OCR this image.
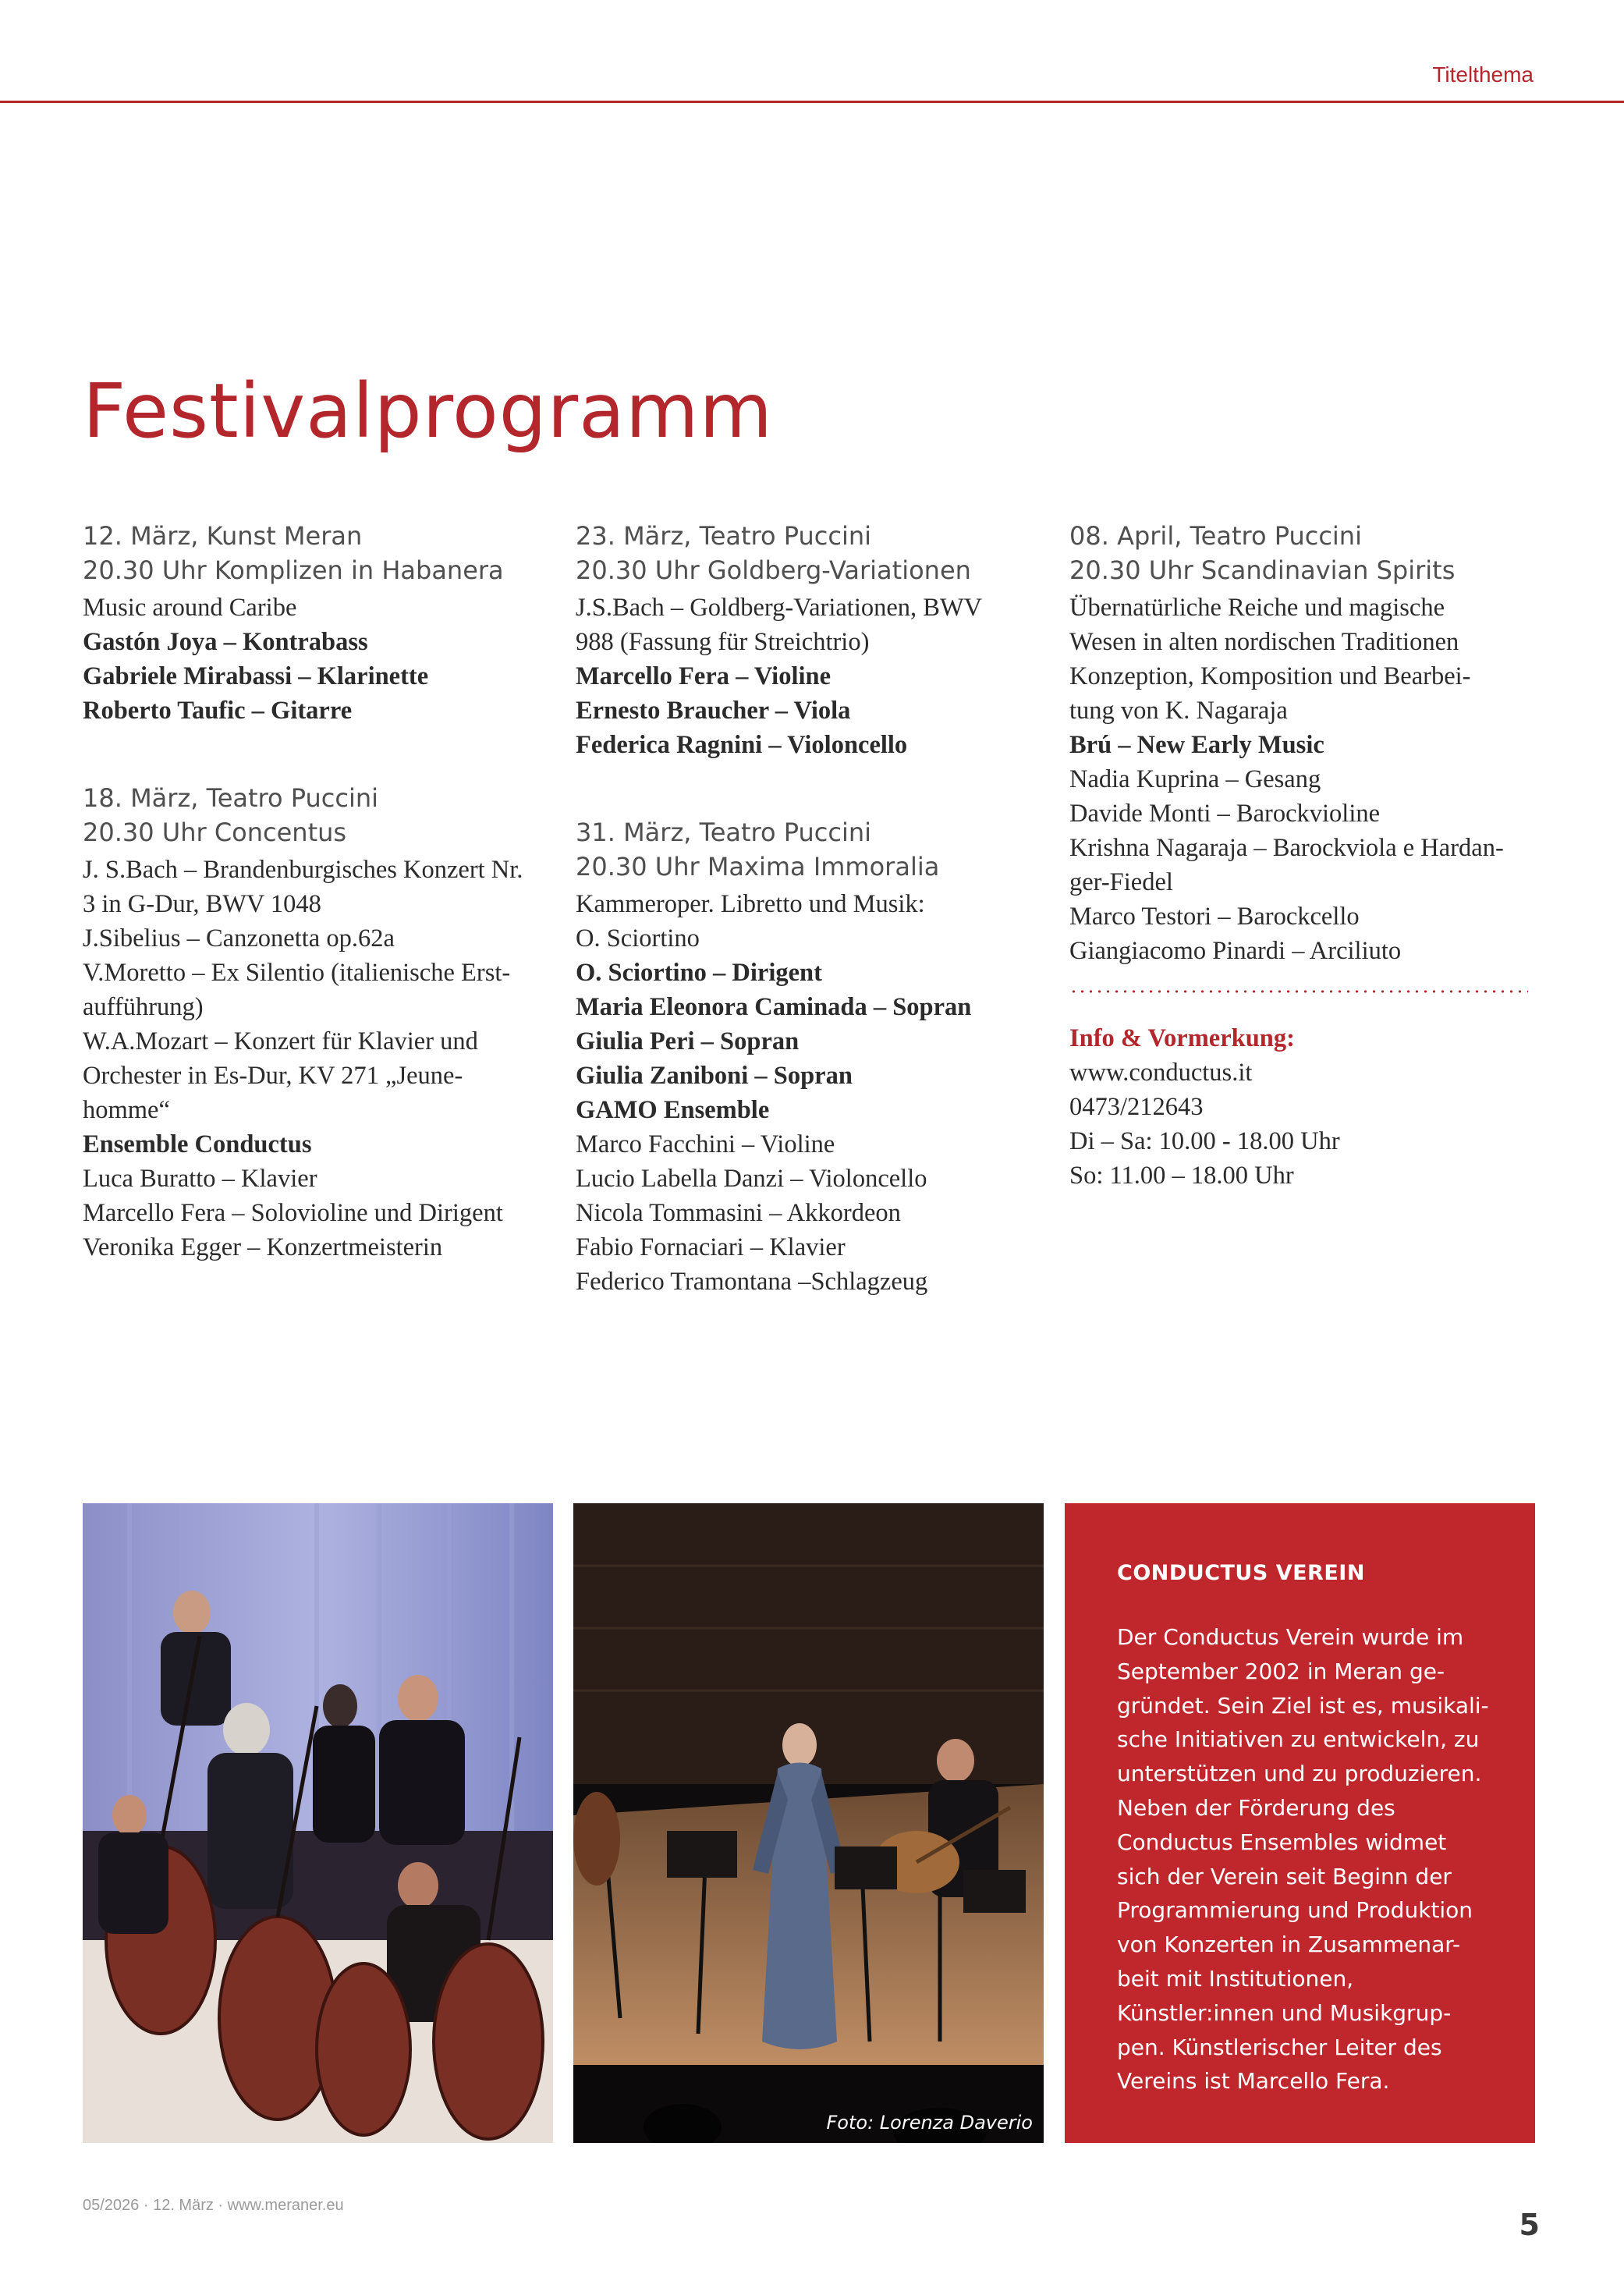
Titelthema
Festivalprogramm
12. März, Kunst Meran
20.30 Uhr Komplizen in Habanera
Music around Caribe
Gastón Joya – Kontrabass
Gabriele Mirabassi – Klarinette
Roberto Taufic – Gitarre
18. März, Teatro Puccini
20.30 Uhr Concentus
J. S.Bach – Brandenburgisches Konzert Nr.
3 in G-Dur, BWV 1048
J.Sibelius – Canzonetta op.62a
V.Moretto – Ex Silentio (italienische Erst-
aufführung)
W.A.Mozart – Konzert für Klavier und
Orchester in Es-Dur, KV 271 „Jeune-
homme“
Ensemble Conductus
Luca Buratto – Klavier
Marcello Fera – Solovioline und Dirigent
Veronika Egger – Konzertmeisterin
23. März, Teatro Puccini
20.30 Uhr Goldberg-Variationen
J.S.Bach – Goldberg-Variationen, BWV
988 (Fassung für Streichtrio)
Marcello Fera – Violine
Ernesto Braucher – Viola
Federica Ragnini – Violoncello
31. März, Teatro Puccini
20.30 Uhr Maxima Immoralia
Kammeroper. Libretto und Musik:
O. Sciortino
O. Sciortino – Dirigent
Maria Eleonora Caminada – Sopran
Giulia Peri – Sopran
Giulia Zaniboni – Sopran
GAMO Ensemble
Marco Facchini – Violine
Lucio Labella Danzi – Violoncello
Nicola Tommasini – Akkordeon
Fabio Fornaciari – Klavier
Federico Tramontana –Schlagzeug
08. April, Teatro Puccini
20.30 Uhr Scandinavian Spirits
Übernatürliche Reiche und magische
Wesen in alten nordischen Traditionen
Konzeption, Komposition und Bearbei-
tung von K. Nagaraja
Brú – New Early Music
Nadia Kuprina – Gesang
Davide Monti – Barockvioline
Krishna Nagaraja – Barockviola e Hardan-
ger-Fiedel
Marco Testori – Barockcello
Giangiacomo Pinardi – Arciliuto
Info & Vormerkung:
www.conductus.it
0473/212643
Di – Sa: 10.00 - 18.00 Uhr
So: 11.00 – 18.00 Uhr
Foto: Lorenza Daverio
CONDUCTUS VEREIN
Der Conductus Verein wurde im
September 2002 in Meran ge-
gründet. Sein Ziel ist es, musikali-
sche Initiativen zu entwickeln, zu
unterstützen und zu produzieren.
Neben der Förderung des
Conductus Ensembles widmet
sich der Verein seit Beginn der
Programmierung und Produktion
von Konzerten in Zusammenar-
beit mit Institutionen,
Künstler:innen und Musikgrup-
pen. Künstlerischer Leiter des
Vereins ist Marcello Fera.
05/2026 · 12. März · www.meraner.eu
5
